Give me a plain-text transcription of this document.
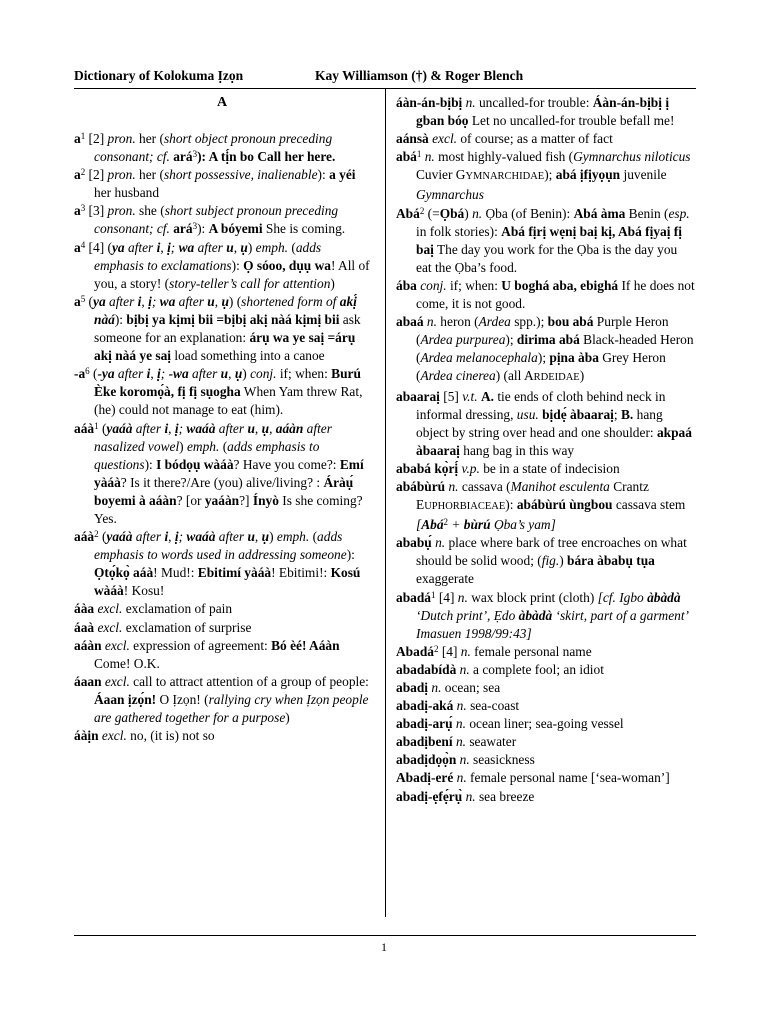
Dictionary of Kolokuma Ịzọn	Kay Williamson (†) & Roger Blench
A

$a^1$ [2] pron. her (short object pronoun preceding consonant; cf. ará$^3$): A tị́n bo Call her here.

$a^2$ [2] pron. her (short possessive, inalienable): a yéi her husband

$a^3$ [3] pron. she (short subject pronoun preceding consonant; cf. ará$^3$): A bóyemi She is coming.

$a^4$ [4] (ya after i, ị; wa after u, ụ) emph. (adds emphasis to exclamations): Ọ sóoo, dụụ wa! All of you, a story! (story-teller’s call for attention)

$a^5$ (ya after i, ị; wa after u, ụ) (shortened form of akị́ nàá): bịbị ya kịmị bii =bịbị akị nàá kịmị bii ask someone for an explanation: árụ wa ye saị =árụ akị nàá ye saị load something into a canoe

$-a^6$ (-ya after i, ị; -wa after u, ụ) conj. if; when: Burú Èke koromọ́à, fị fị sụogha When Yam threw Rat, (he) could not manage to eat (him).

aáà$^1$ (yaáà after i, ị; waáà after u, ụ, aáàn after nasalized vowel) emph. (adds emphasis to questions): I bódọụ wàáà? Have you come?: Emí yàáà? Is it there?/Are (you) alive/living? : Áràụ́ boyemi à aáàn? [or yaáàn?] Ínyò Is she coming? Yes.

aáà$^2$ (yaáà after i, ị; waáà after u, ụ) emph. (adds emphasis to words used in addressing someone): Ọtọ́kọ̀ aáà! Mud!: Ebitimí yàáà! Ebitimi!: Kosú wàáà! Kosu!

áàa excl. exclamation of pain

áaà excl. exclamation of surprise

aáàn excl. expression of agreement: Bó èé! Aáàn Come! O.K.

áaan excl. call to attract attention of a group of people: Áaan ịzọ́n! O Ịzọn! (rallying cry when Ịzọn people are gathered together for a purpose)

áàịn excl. no, (it is) not so

áàn-án-bịbị n. uncalled-for trouble: Áàn-án-bịbị ị gban bóọ Let no uncalled-for trouble befall me!

aánsà excl. of course; as a matter of fact

abá$^1$ n. most highly-valued fish (Gymnarchus niloticus Cuvier GYMNARCHIDAE); abá ịfịyọụn juvenile Gymnarchus

Abá$^2$ (=Ọbá) n. Ọba (of Benin): Abá àma Benin (esp. in folk stories): Abá fịrị wẹnị baị kị, Abá fịyaị fị baị The day you work for the Ọba is the day you eat the Ọba’s food.

ába conj. if; when: U boghá aba, ebighá If he does not come, it is not good.

abaá n. heron (Ardea spp.); bou abá Purple Heron (Ardea purpurea); dirima abá Black-headed Heron (Ardea melanocephala); pịna àba Grey Heron (Ardea cinerea) (all ARDEIDAE)

abaaraị [5] v.t. A. tie ends of cloth behind neck in informal dressing, usu. bịdẹ́ àbaaraị; B. hang object by string over head and one shoulder: akpaá àbaaraị hang bag in this way

ababá kọ̀rị́ v.p. be in a state of indecision

abábùrú n. cassava (Manihot esculenta Crantz EUPHORBIACEAE): abábùrú ùngbou cassava stem [Abá$^2$ + bùrú Ọba’s yam]

ababụ́ n. place where bark of tree encroaches on what should be solid wood; (fig.) bára àbabụ tụa exaggerate

abadá$^1$ [4] n. wax block print (cloth) [cf. Igbo àbàdà ‘Dutch print’, Ẹdo àbàdà ‘skirt, part of a garment’ Imasuen 1998/99:43]

Abadá$^2$ [4] n. female personal name

abadabídà n. a complete fool; an idiot

abadị n. ocean; sea

abadị-aká n. sea-coast

abadị-arụ́ n. ocean liner; sea-going vessel

abadịbení n. seawater

abadịdọọ̀n n. seasickness

Abadị-eré n. female personal name [‘sea-woman’]

abadị-ẹfẹ́rụ̀ n. sea breeze

1
